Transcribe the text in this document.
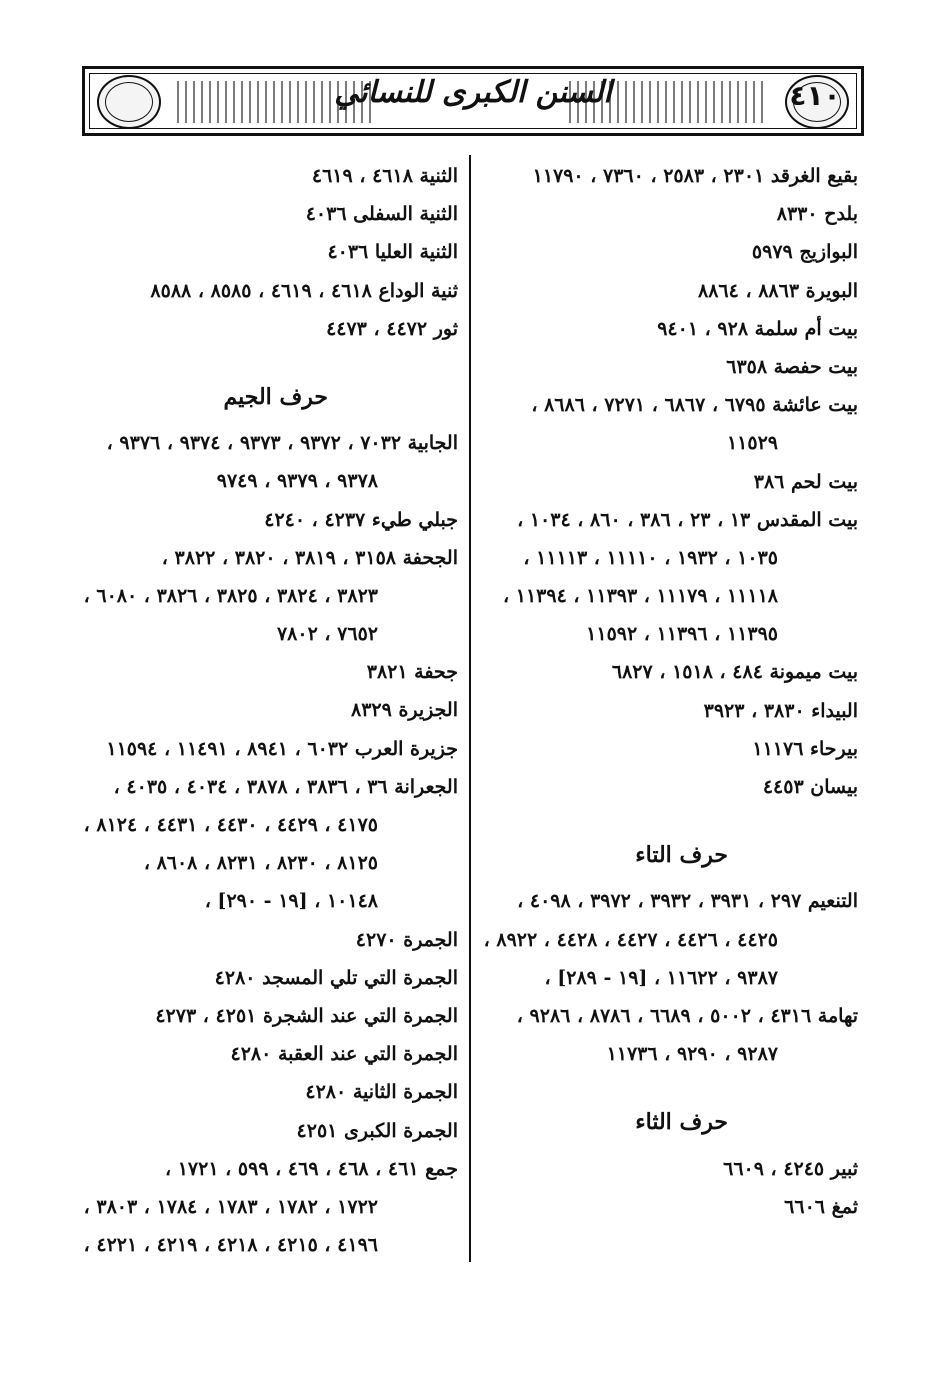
٤١٠
السنن الكبرى للنسائي
بقيع الغرقد ٢٣٠١ ، ٢٥٨٣ ، ٧٣٦٠ ، ١١٧٩٠
بلدح ٨٣٣٠
البوازيج ٥٩٧٩
البويرة ٨٨٦٣ ، ٨٨٦٤
بيت أم سلمة ٩٢٨ ، ٩٤٠١
بيت حفصة ٦٣٥٨
بيت عائشة ٦٧٩٥ ، ٦٨٦٧ ، ٧٢٧١ ، ٨٦٨٦ ،
١١٥٢٩
بيت لحم ٣٨٦
بيت المقدس ١٣ ، ٢٣ ، ٣٨٦ ، ٨٦٠ ، ١٠٣٤ ،
١٠٣٥ ، ١٩٣٢ ، ١١١١٠ ، ١١١١٣ ،
١١١١٨ ، ١١١٧٩ ، ١١٣٩٣ ، ١١٣٩٤ ،
١١٣٩٥ ، ١١٣٩٦ ، ١١٥٩٢
بيت ميمونة ٤٨٤ ، ١٥١٨ ، ٦٨٢٧
البيداء ٣٨٣٠ ، ٣٩٢٣
بيرحاء ١١١٧٦
بيسان ٤٤٥٣
حرف التاء
التنعيم ٢٩٧ ، ٣٩٣١ ، ٣٩٣٢ ، ٣٩٧٢ ، ٤٠٩٨ ،
٤٤٢٥ ، ٤٤٢٦ ، ٤٤٢٧ ، ٤٤٢٨ ، ٨٩٢٢ ،
٩٣٨٧ ، ١١٦٢٢ ، [١٩ - ٢٨٩] ،
تهامة ٤٣١٦ ، ٥٠٠٢ ، ٦٦٨٩ ، ٨٧٨٦ ، ٩٢٨٦ ،
٩٢٨٧ ، ٩٢٩٠ ، ١١٧٣٦
حرف الثاء
ثبير ٤٢٤٥ ، ٦٦٠٩
ثمغ ٦٦٠٦
الثنية ٤٦١٨ ، ٤٦١٩
الثنية السفلى ٤٠٣٦
الثنية العليا ٤٠٣٦
ثنية الوداع ٤٦١٨ ، ٤٦١٩ ، ٨٥٨٥ ، ٨٥٨٨
ثور ٤٤٧٢ ، ٤٤٧٣
حرف الجيم
الجابية ٧٠٣٢ ، ٩٣٧٢ ، ٩٣٧٣ ، ٩٣٧٤ ، ٩٣٧٦ ،
٩٣٧٨ ، ٩٣٧٩ ، ٩٧٤٩
جبلي طيء ٤٢٣٧ ، ٤٢٤٠
الجحفة ٣١٥٨ ، ٣٨١٩ ، ٣٨٢٠ ، ٣٨٢٢ ،
٣٨٢٣ ، ٣٨٢٤ ، ٣٨٢٥ ، ٣٨٢٦ ، ٦٠٨٠ ،
٧٦٥٢ ، ٧٨٠٢
جحفة ٣٨٢١
الجزيرة ٨٣٢٩
جزيرة العرب ٦٠٣٢ ، ٨٩٤١ ، ١١٤٩١ ، ١١٥٩٤
الجعرانة ٣٦ ، ٣٨٣٦ ، ٣٨٧٨ ، ٤٠٣٤ ، ٤٠٣٥ ،
٤١٧٥ ، ٤٤٢٩ ، ٤٤٣٠ ، ٤٤٣١ ، ٨١٢٤ ،
٨١٢٥ ، ٨٢٣٠ ، ٨٢٣١ ، ٨٦٠٨ ،
١٠١٤٨ ، [١٩ - ٢٩٠] ،
الجمرة ٤٢٧٠
الجمرة التي تلي المسجد ٤٢٨٠
الجمرة التي عند الشجرة ٤٢٥١ ، ٤٢٧٣
الجمرة التي عند العقبة ٤٢٨٠
الجمرة الثانية ٤٢٨٠
الجمرة الكبرى ٤٢٥١
جمع ٤٦١ ، ٤٦٨ ، ٤٦٩ ، ٥٩٩ ، ١٧٢١ ،
١٧٢٢ ، ١٧٨٢ ، ١٧٨٣ ، ١٧٨٤ ، ٣٨٠٣ ،
٤١٩٦ ، ٤٢١٥ ، ٤٢١٨ ، ٤٢١٩ ، ٤٢٢١ ،
